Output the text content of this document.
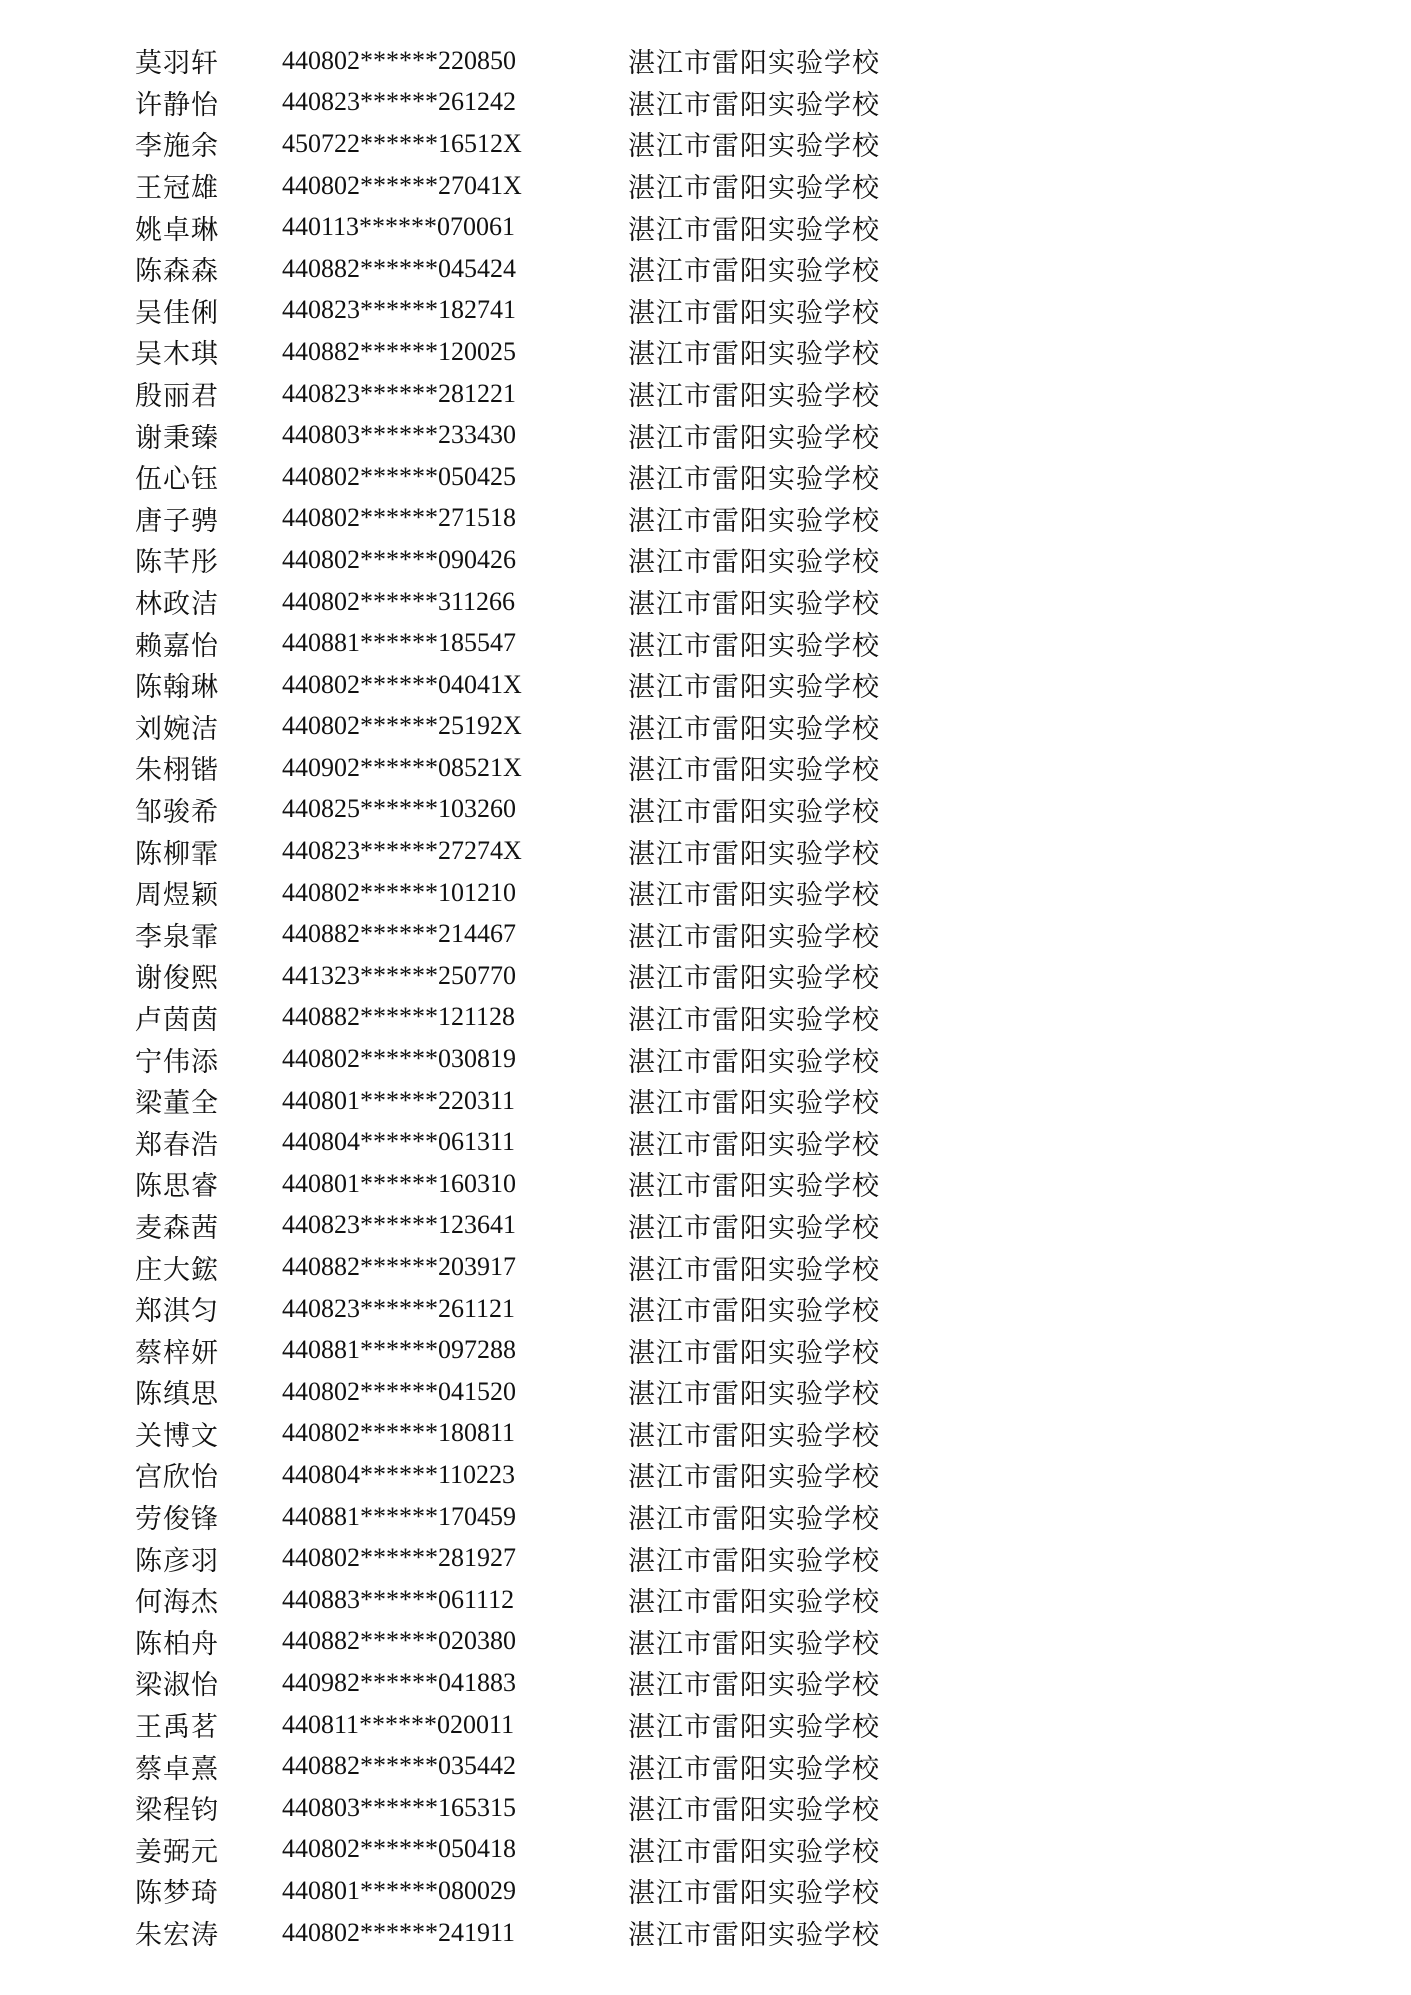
莫羽轩	440802******220850	湛江市雷阳实验学校
许静怡	440823******261242	湛江市雷阳实验学校
李施余	450722******16512X	湛江市雷阳实验学校
王冠雄	440802******27041X	湛江市雷阳实验学校
姚卓琳	440113******070061	湛江市雷阳实验学校
陈森森	440882******045424	湛江市雷阳实验学校
吴佳俐	440823******182741	湛江市雷阳实验学校
吴木琪	440882******120025	湛江市雷阳实验学校
殷丽君	440823******281221	湛江市雷阳实验学校
谢秉臻	440803******233430	湛江市雷阳实验学校
伍心钰	440802******050425	湛江市雷阳实验学校
唐子骋	440802******271518	湛江市雷阳实验学校
陈芊彤	440802******090426	湛江市雷阳实验学校
林政洁	440802******311266	湛江市雷阳实验学校
赖嘉怡	440881******185547	湛江市雷阳实验学校
陈翰琳	440802******04041X	湛江市雷阳实验学校
刘婉洁	440802******25192X	湛江市雷阳实验学校
朱栩锴	440902******08521X	湛江市雷阳实验学校
邹骏希	440825******103260	湛江市雷阳实验学校
陈柳霏	440823******27274X	湛江市雷阳实验学校
周煜颖	440802******101210	湛江市雷阳实验学校
李泉霏	440882******214467	湛江市雷阳实验学校
谢俊熙	441323******250770	湛江市雷阳实验学校
卢茵茵	440882******121128	湛江市雷阳实验学校
宁伟添	440802******030819	湛江市雷阳实验学校
梁董全	440801******220311	湛江市雷阳实验学校
郑春浩	440804******061311	湛江市雷阳实验学校
陈思睿	440801******160310	湛江市雷阳实验学校
麦森茜	440823******123641	湛江市雷阳实验学校
庄大鋐	440882******203917	湛江市雷阳实验学校
郑淇匀	440823******261121	湛江市雷阳实验学校
蔡梓妍	440881******097288	湛江市雷阳实验学校
陈缜思	440802******041520	湛江市雷阳实验学校
关博文	440802******180811	湛江市雷阳实验学校
宫欣怡	440804******110223	湛江市雷阳实验学校
劳俊锋	440881******170459	湛江市雷阳实验学校
陈彦羽	440802******281927	湛江市雷阳实验学校
何海杰	440883******061112	湛江市雷阳实验学校
陈柏舟	440882******020380	湛江市雷阳实验学校
梁淑怡	440982******041883	湛江市雷阳实验学校
王禹茗	440811******020011	湛江市雷阳实验学校
蔡卓熹	440882******035442	湛江市雷阳实验学校
梁程钧	440803******165315	湛江市雷阳实验学校
姜弼元	440802******050418	湛江市雷阳实验学校
陈梦琦	440801******080029	湛江市雷阳实验学校
朱宏涛	440802******241911	湛江市雷阳实验学校
